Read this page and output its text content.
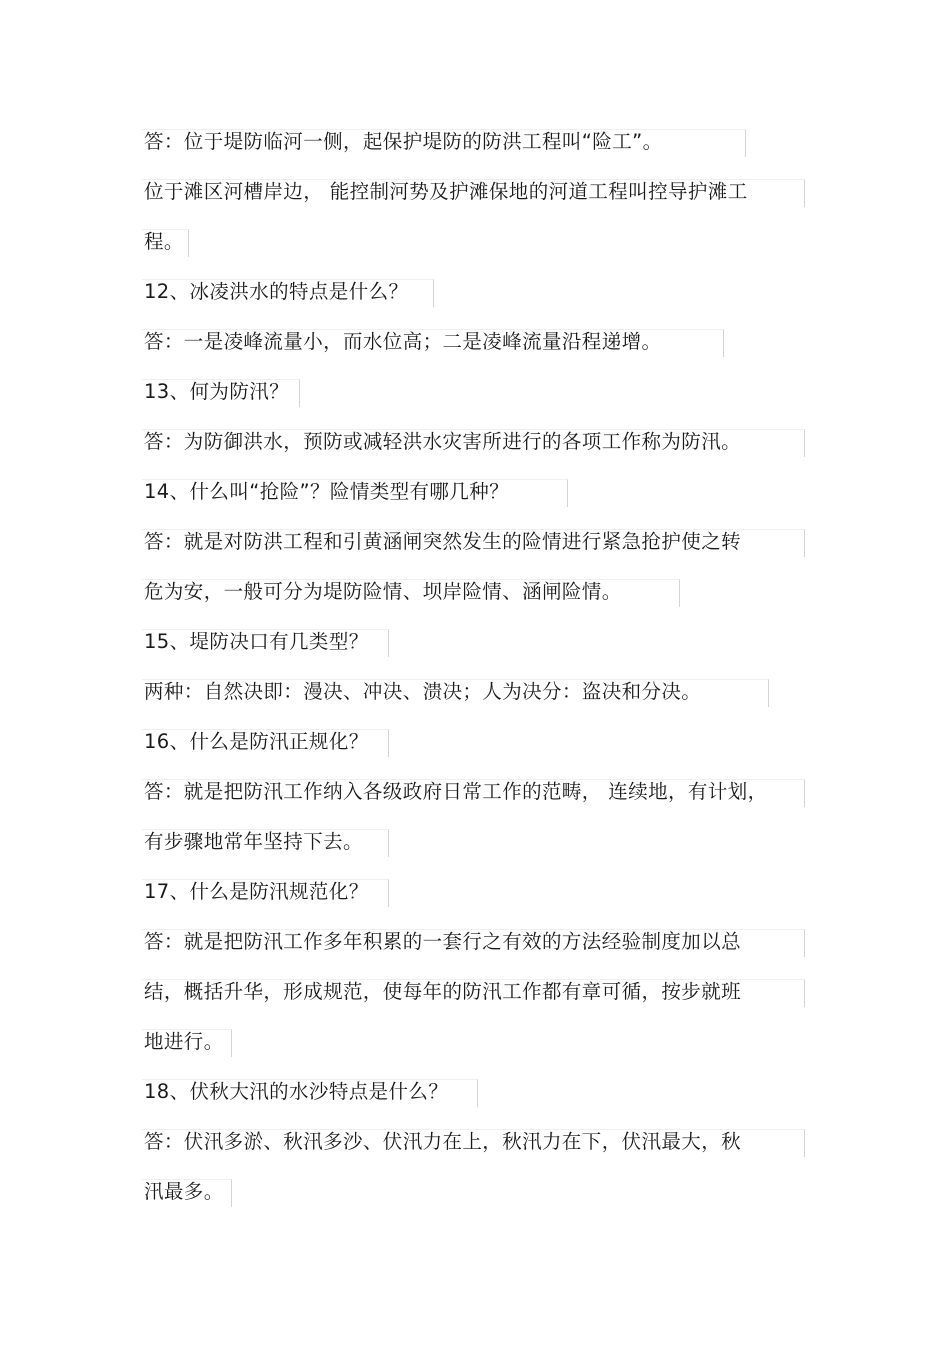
答：位于堤防临河一侧，起保护堤防的防洪工程叫“险工”。
位于滩区河槽岸边， 能控制河势及护滩保地的河道工程叫控导护滩工
程。
12、冰凌洪水的特点是什么？
答：一是凌峰流量小，而水位高；二是凌峰流量沿程递增。
13、何为防汛？
答：为防御洪水，预防或减轻洪水灾害所进行的各项工作称为防汛。
14、什么叫“抢险”？险情类型有哪几种？
答：就是对防洪工程和引黄涵闸突然发生的险情进行紧急抢护使之转
危为安，一般可分为堤防险情、坝岸险情、涵闸险情。
15、堤防决口有几类型？
两种：自然决即：漫决、冲决、溃决；人为决分：盗决和分决。
16、什么是防汛正规化？
答：就是把防汛工作纳入各级政府日常工作的范畴， 连续地，有计划，
有步骤地常年坚持下去。
17、什么是防汛规范化？
答：就是把防汛工作多年积累的一套行之有效的方法经验制度加以总
结，概括升华，形成规范，使每年的防汛工作都有章可循，按步就班
地进行。
18、伏秋大汛的水沙特点是什么？
答：伏汛多淤、秋汛多沙、伏汛力在上，秋汛力在下，伏汛最大，秋
汛最多。
